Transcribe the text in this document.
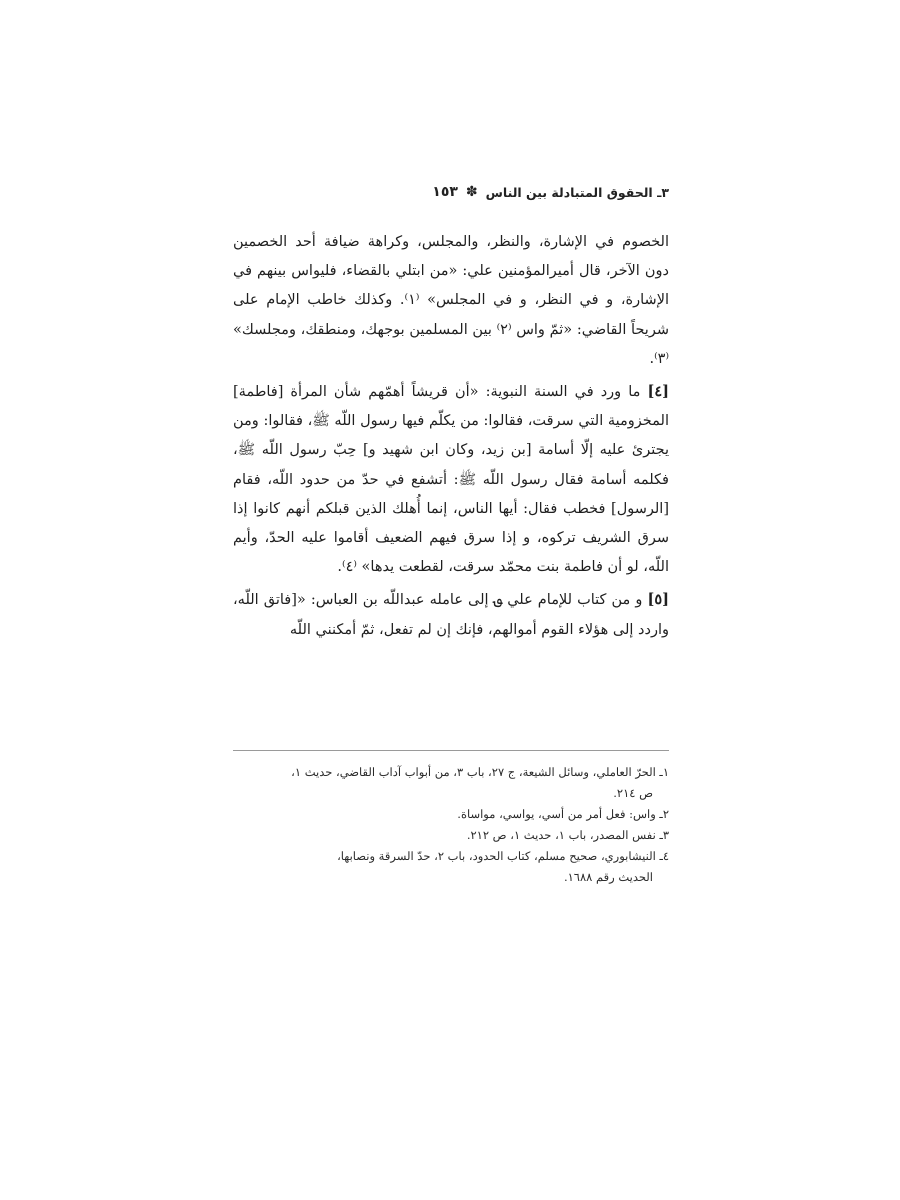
٣ـ الحقوق المتبادلة بين الناس
✽
١٥٣

الخصوم في الإشارة، والنظر، والمجلس، وكراهة ضيافة أحد الخصمين دون الآخر، قال أميرالمؤمنين علي: «من ابتلي بالقضاء، فليواس بينهم في الإشارة، و في النظر، و في المجلس» ⁽١⁾. وكذلك خاطب الإمام على شريحاً القاضي: «ثمّ واس ⁽٢⁾ بين المسلمين بوجهك، ومنطقك، ومجلسك» ⁽٣⁾.

[٤] ما ورد في السنة النبوية: «أن قريشاً أهمّهم شأن المرأة [فاطمة] المخزومية التي سرقت، فقالوا: من يكلّم فيها رسول اللّه ﷺ، فقالوا: ومن يجترئ عليه إلّا أسامة [بن زيد، وكان ابن شهيد و] حِبّ رسول اللّه ﷺ، فكلمه أسامة فقال رسول اللّه ﷺ: أتشفع في حدّ من حدود اللّه، فقام [الرسول] فخطب فقال: أيها الناس، إنما أُهلك الذين قبلكم أنهم كانوا إذا سرق الشريف تركوه، و إذا سرق فيهم الضعيف أقاموا عليه الحدّ، وأيم اللّه، لو أن فاطمة بنت محمّد سرقت، لقطعت يدها» ⁽٤⁾.

[٥] و من كتاب للإمام علي ؈ إلى عامله عبداللّه بن العباس: «[فاتق اللّه، واردد إلى هؤلاء القوم أموالهم، فإنك إن لم تفعل، ثمّ أمكنني اللّه

١ـ الحرّ العاملي، وسائل الشيعة، ج ٢٧، باب ٣، من أبواب آداب القاضي، حديث ١،
ص ٢١٤.

٢ـ واس: فعل أمر من أسي، يواسي، مواساة.

٣ـ نفس المصدر، باب ١، حديث ١، ص ٢١٢.

٤ـ النيشابوري، صحيح مسلم، كتاب الحدود، باب ٢، حدّ السرقة ونصابها،
الحديث رقم ١٦٨٨.
